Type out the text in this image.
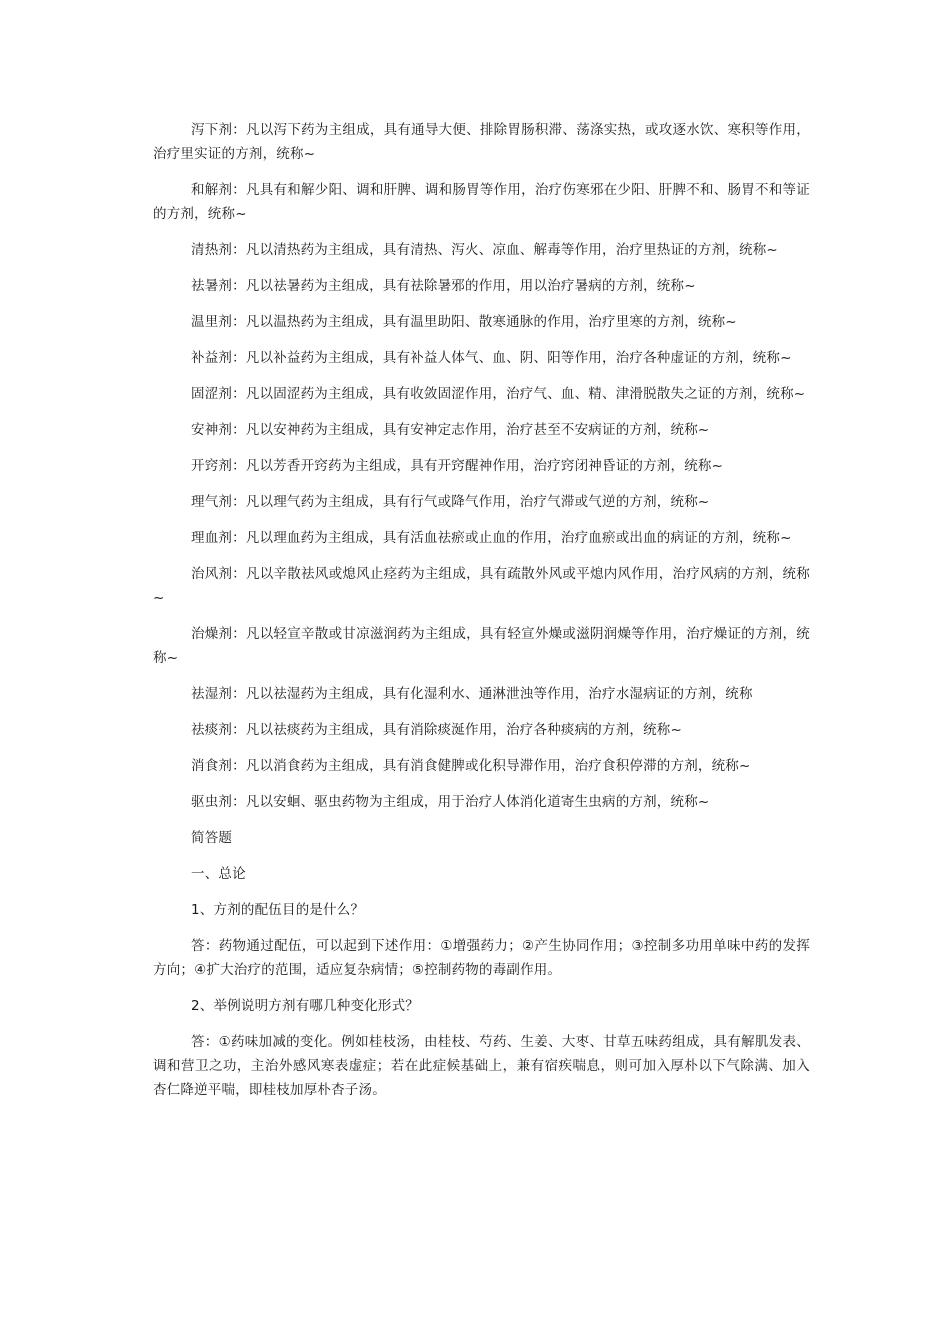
泻下剂：凡以泻下药为主组成，具有通导大便、排除胃肠积滞、荡涤实热，或攻逐水饮、寒积等作用，治疗里实证的方剂，统称~

和解剂：凡具有和解少阳、调和肝脾、调和肠胃等作用，治疗伤寒邪在少阳、肝脾不和、肠胃不和等证的方剂，统称~

清热剂：凡以清热药为主组成，具有清热、泻火、凉血、解毒等作用，治疗里热证的方剂，统称~

祛暑剂：凡以祛暑药为主组成，具有祛除暑邪的作用，用以治疗暑病的方剂，统称~

温里剂：凡以温热药为主组成，具有温里助阳、散寒通脉的作用，治疗里寒的方剂，统称~

补益剂：凡以补益药为主组成，具有补益人体气、血、阴、阳等作用，治疗各种虚证的方剂，统称~

固涩剂：凡以固涩药为主组成，具有收敛固涩作用，治疗气、血、精、津滑脱散失之证的方剂，统称~

安神剂：凡以安神药为主组成，具有安神定志作用，治疗甚至不安病证的方剂，统称~

开窍剂：凡以芳香开窍药为主组成，具有开窍醒神作用，治疗窍闭神昏证的方剂，统称~

理气剂：凡以理气药为主组成，具有行气或降气作用，治疗气滞或气逆的方剂，统称~

理血剂：凡以理血药为主组成，具有活血祛瘀或止血的作用，治疗血瘀或出血的病证的方剂，统称~

治风剂：凡以辛散祛风或熄风止痉药为主组成，具有疏散外风或平熄内风作用，治疗风病的方剂，统称~

治燥剂：凡以轻宣辛散或甘凉滋润药为主组成，具有轻宣外燥或滋阴润燥等作用，治疗燥证的方剂，统称~

祛湿剂：凡以祛湿药为主组成，具有化湿利水、通淋泄浊等作用，治疗水湿病证的方剂，统称

祛痰剂：凡以祛痰药为主组成，具有消除痰涎作用，治疗各种痰病的方剂，统称~

消食剂：凡以消食药为主组成，具有消食健脾或化积导滞作用，治疗食积停滞的方剂，统称~

驱虫剂：凡以安蛔、驱虫药物为主组成，用于治疗人体消化道寄生虫病的方剂，统称~

简答题

一、总论

1、方剂的配伍目的是什么？

答：药物通过配伍，可以起到下述作用：①增强药力；②产生协同作用；③控制多功用单味中药的发挥方向；④扩大治疗的范围，适应复杂病情；⑤控制药物的毒副作用。

2、举例说明方剂有哪几种变化形式？

答：①药味加减的变化。例如桂枝汤，由桂枝、芍药、生姜、大枣、甘草五味药组成，具有解肌发表、调和营卫之功，主治外感风寒表虚症；若在此症候基础上，兼有宿疾喘息，则可加入厚朴以下气除满、加入杏仁降逆平喘，即桂枝加厚朴杏子汤。
